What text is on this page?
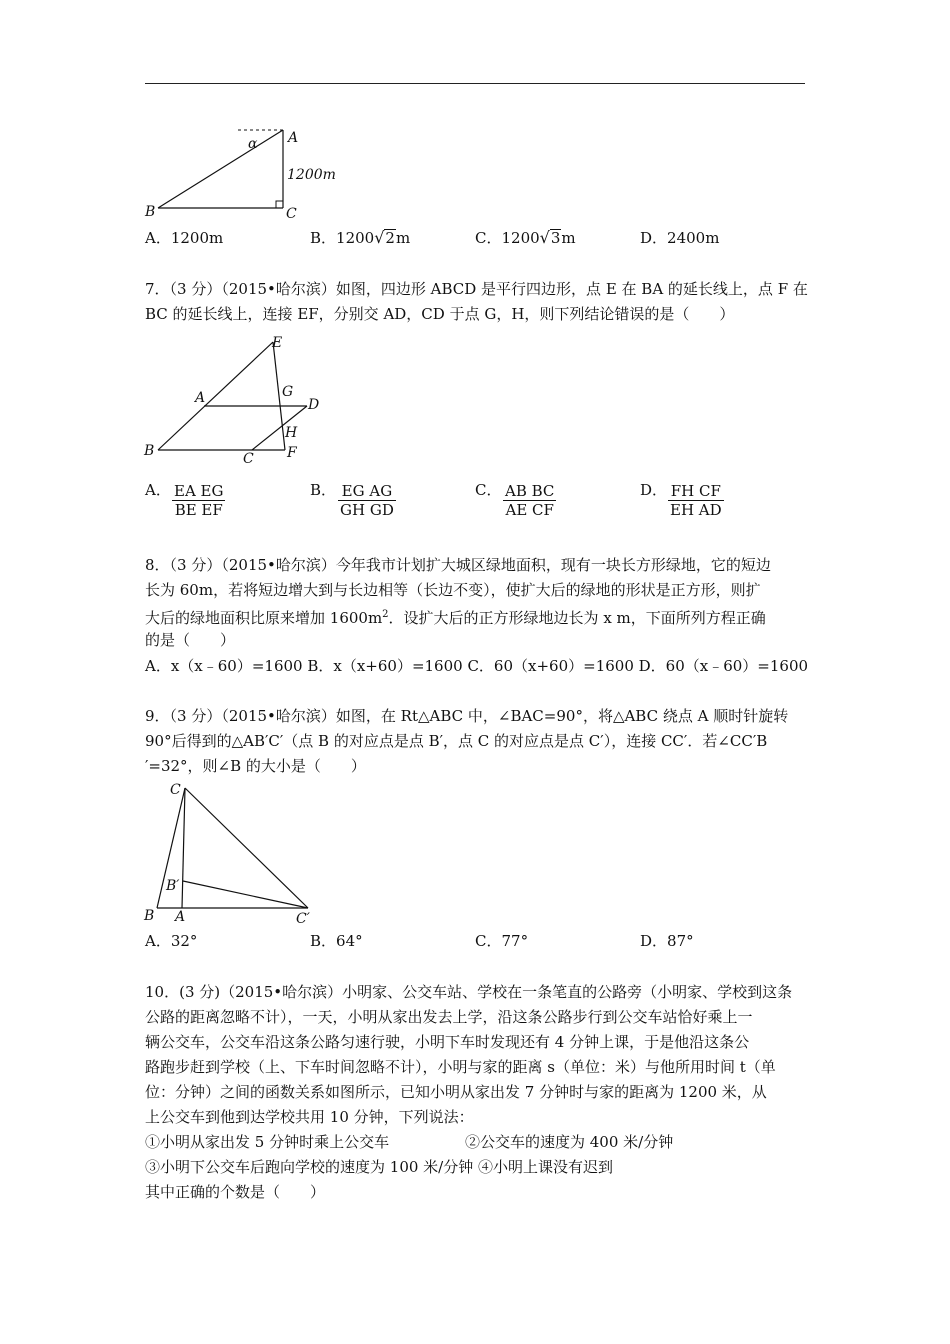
A
B	C
α
1200m
A．1200m	B．1200√2m	C．1200√3m	D．2400m
7．（3 分）（2015•哈尔滨）如图，四边形 ABCD 是平行四边形，点 E 在 BA 的延长线上，点 F 在
BC 的延长线上，连接 EF，分别交 AD，CD 于点 G，H，则下列结论错误的是（　　）
E
A	G
D
H
B	C F
A． $\frac{\text{EA EG}}{\text{BE EF}}$	B． $\frac{\text{EG AG}}{\text{GH GD}}$	C． $\frac{\text{AB BC}}{\text{AE CF}}$	D． $\frac{\text{FH CF}}{\text{EH AD}}$
8．（3 分）（2015•哈尔滨）今年我市计划扩大城区绿地面积，现有一块长方形绿地，它的短边
长为 60m，若将短边增大到与长边相等（长边不变），使扩大后的绿地的形状是正方形，则扩
大后的绿地面积比原来增加 $1600m^2$．设扩大后的正方形绿地边长为 x m，下面所列方程正确
的是（　　）
A．x（x﹣60）=1600 B．x（x+60）=1600 C．60（x+60）=1600 D．60（x﹣60）=1600
9．（3 分）（2015•哈尔滨）如图，在 Rt△ABC 中，∠BAC=90°，将△ABC 绕点 A 顺时针旋转
90°后得到的△AB′C′（点 B 的对应点是点 B′，点 C 的对应点是点 C′），连接 CC′．若∠CC′B
′=32°，则∠B 的大小是（　　）
C
B′
B A	C′
A．32°	B．64°	C．77°	D．87°
10．(3 分)（2015•哈尔滨）小明家、公交车站、学校在一条笔直的公路旁（小明家、学校到这条
公路的距离忽略不计），一天，小明从家出发去上学，沿这条公路步行到公交车站恰好乘上一
辆公交车，公交车沿这条公路匀速行驶，小明下车时发现还有 4 分钟上课，于是他沿这条公
路跑步赶到学校（上、下车时间忽略不计），小明与家的距离 s（单位：米）与他所用时间 t（单
位：分钟）之间的函数关系如图所示，已知小明从家出发 7 分钟时与家的距离为 1200 米，从
上公交车到他到达学校共用 10 分钟，下列说法：
①小明从家出发 5 分钟时乘上公交车	②公交车的速度为 400 米/分钟
③小明下公交车后跑向学校的速度为 100 米/分钟 ④小明上课没有迟到
其中正确的个数是（　　）
